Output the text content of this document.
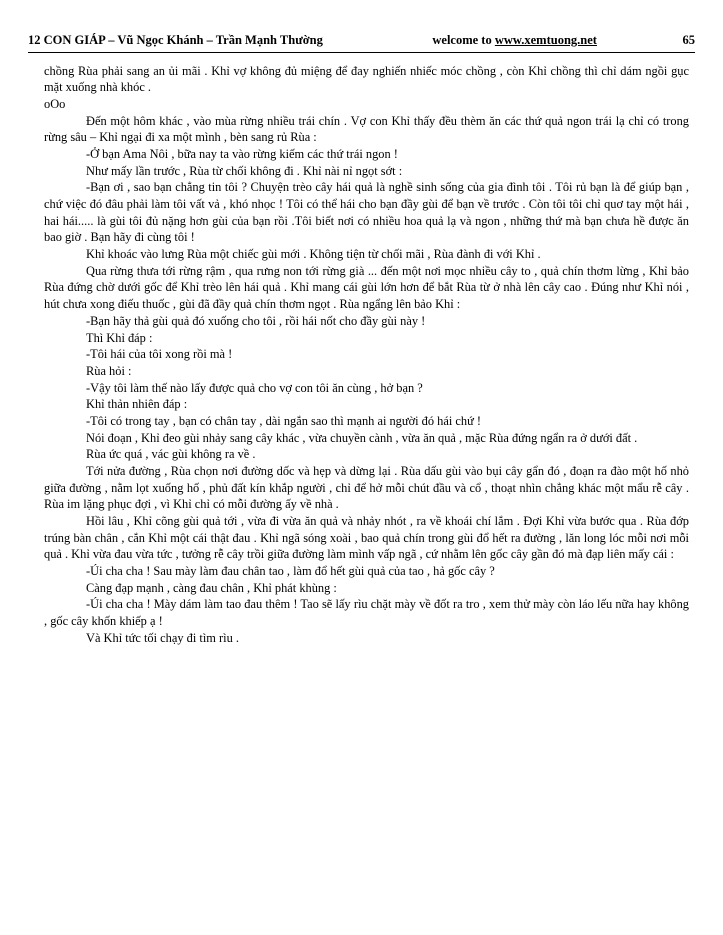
12 CON GIÁP – Vũ Ngọc Khánh – Trần Mạnh Thường	welcome to www.xemtuong.net	65

chồng Rùa phải sang an ủi mãi . Khỉ vợ không đủ miệng để đay nghiến nhiếc móc chồng , còn Khỉ chồng thì chỉ dám ngồi gục mặt xuống nhà khóc .

oOo

Đến một hôm khác , vào mùa rừng nhiều trái chín . Vợ con Khỉ thấy đều thèm ăn các thứ quả ngon trái lạ chỉ có trong rừng sâu – Khỉ ngại đi xa một mình , bèn sang rủ Rùa :

-Ở bạn Ama Nôi , bữa nay ta vào rừng kiếm các thứ trái ngon !

Như mấy lần trước , Rùa từ chối không đi . Khỉ nài nỉ ngọt sớt :

-Bạn ơi , sao bạn chẳng tin tôi ? Chuyện trèo cây hái quả là nghề sinh sống của gia đình tôi . Tôi rủ bạn là để giúp bạn , chứ việc đó đâu phải làm tôi vất vả , khó nhọc ! Tôi có thể hái cho bạn đầy gùi để bạn về trước . Còn tôi tôi chỉ quơ tay một hái , hai hái..... là gùi tôi đủ nặng hơn gùi của bạn rồi .Tôi biết nơi có nhiều hoa quả lạ và ngon , những thứ mà bạn chưa hề được ăn bao giờ . Bạn hãy đi cùng tôi !

Khỉ khoác vào lưng Rùa một chiếc gùi mới . Không tiện từ chối mãi , Rùa đành đi với Khỉ .

Qua rừng thưa tới rừng rậm , qua rưng non tới rừng già ... đến một nơi mọc nhiều cây to , quả chín thơm lừng , Khỉ bảo Rùa đứng chờ dưới gốc để Khỉ trèo lên hái quả . Khỉ mang cái gùi lớn hơn để bắt Rùa từ ở nhà lên cây cao . Đúng như Khỉ nói , hút chưa xong điếu thuốc , gùi đã đầy quả chín thơm ngọt . Rùa ngẩng lên bảo Khỉ :

-Bạn hãy thả gùi quả đó xuống cho tôi , rồi hái nốt cho đầy gùi này !

Thì Khỉ đáp :

-Tôi hái của tôi xong rồi mà !

Rùa hỏi :

-Vậy tôi làm thế nào lấy được quả cho vợ con tôi ăn cùng , hở bạn ?

Khỉ thản nhiên đáp :

-Tôi có trong tay , bạn có chân tay , dài ngắn sao thì mạnh ai người đó hái chứ !

Nói đoạn , Khỉ đeo gùi nhảy sang cây khác , vừa chuyền cành , vừa ăn quả , mặc Rùa đứng ngẩn ra ở dưới đất .

Rùa ức quá , vác gùi không ra về .

Tới nửa đường , Rùa chọn nơi đường dốc và hẹp và dừng lại . Rùa dấu gùi vào bụi cây gẩn đó , đoạn ra đào một hố nhỏ giữa đường , nằm lọt xuống hố , phủ đất kín khắp người , chỉ để hở mỗi chút đầu và cổ , thoạt nhìn chẳng khác một mẩu rễ cây . Rùa im lặng phục đợi , vì Khỉ chỉ có mỗi đường ấy về nhà .

Hồi lâu , Khỉ cõng gùi quả tới , vừa đi vừa ăn quả và nhảy nhót , ra về khoái chí lắm . Đợi Khỉ vừa bước qua . Rùa đớp trúng bàn chân , cắn Khỉ một cái thật đau . Khỉ ngã sóng xoài , bao quả chín trong gùi đổ hết ra đường , lăn long lóc mỗi nơi mỗi quả . Khỉ vừa đau vừa tức , tưởng rễ cây trồi giữa đường làm mình vấp ngã , cứ nhằm lên gốc cây gần đó mà đạp liên mấy cái :

-Úi cha cha ! Sau mày làm đau chân tao , làm đổ hết gùi quả của tao , hả gốc cây ?

Càng đạp mạnh , càng đau chân , Khỉ phát khùng :

-Úi cha cha ! Mày dám làm tao đau thêm ! Tao sẽ lấy rìu chặt mày về đốt ra tro , xem thử mày còn láo lếu nữa hay không , gốc cây khốn khiếp ạ !

Và Khỉ tức tối chạy đi tìm rìu .
